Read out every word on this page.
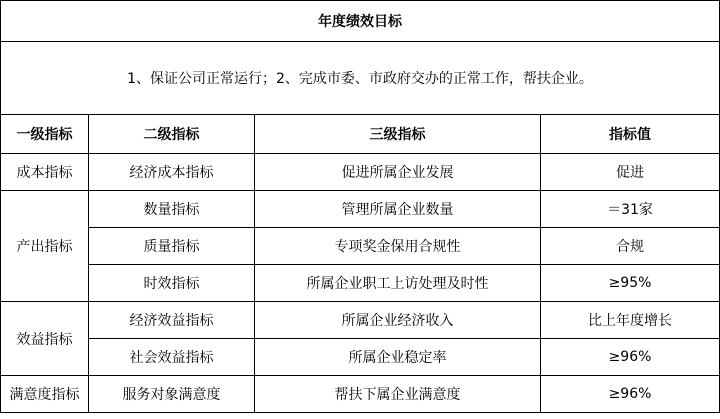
年度绩效目标			
1、保证公司正常运行；2、完成市委、市政府交办的正常工作，帮扶企业。			
一级指标	二级指标	三级指标	指标值
成本指标	经济成本指标	促进所属企业发展	促进
产出指标	数量指标	管理所属企业数量	＝31家
	质量指标	专项奖金保用合规性	合规
	时效指标	所属企业职工上访处理及时性	≥95%
效益指标	经济效益指标	所属企业经济收入	比上年度增长
	社会效益指标	所属企业稳定率	≥96%
满意度指标	服务对象满意度	帮扶下属企业满意度	≥96%
